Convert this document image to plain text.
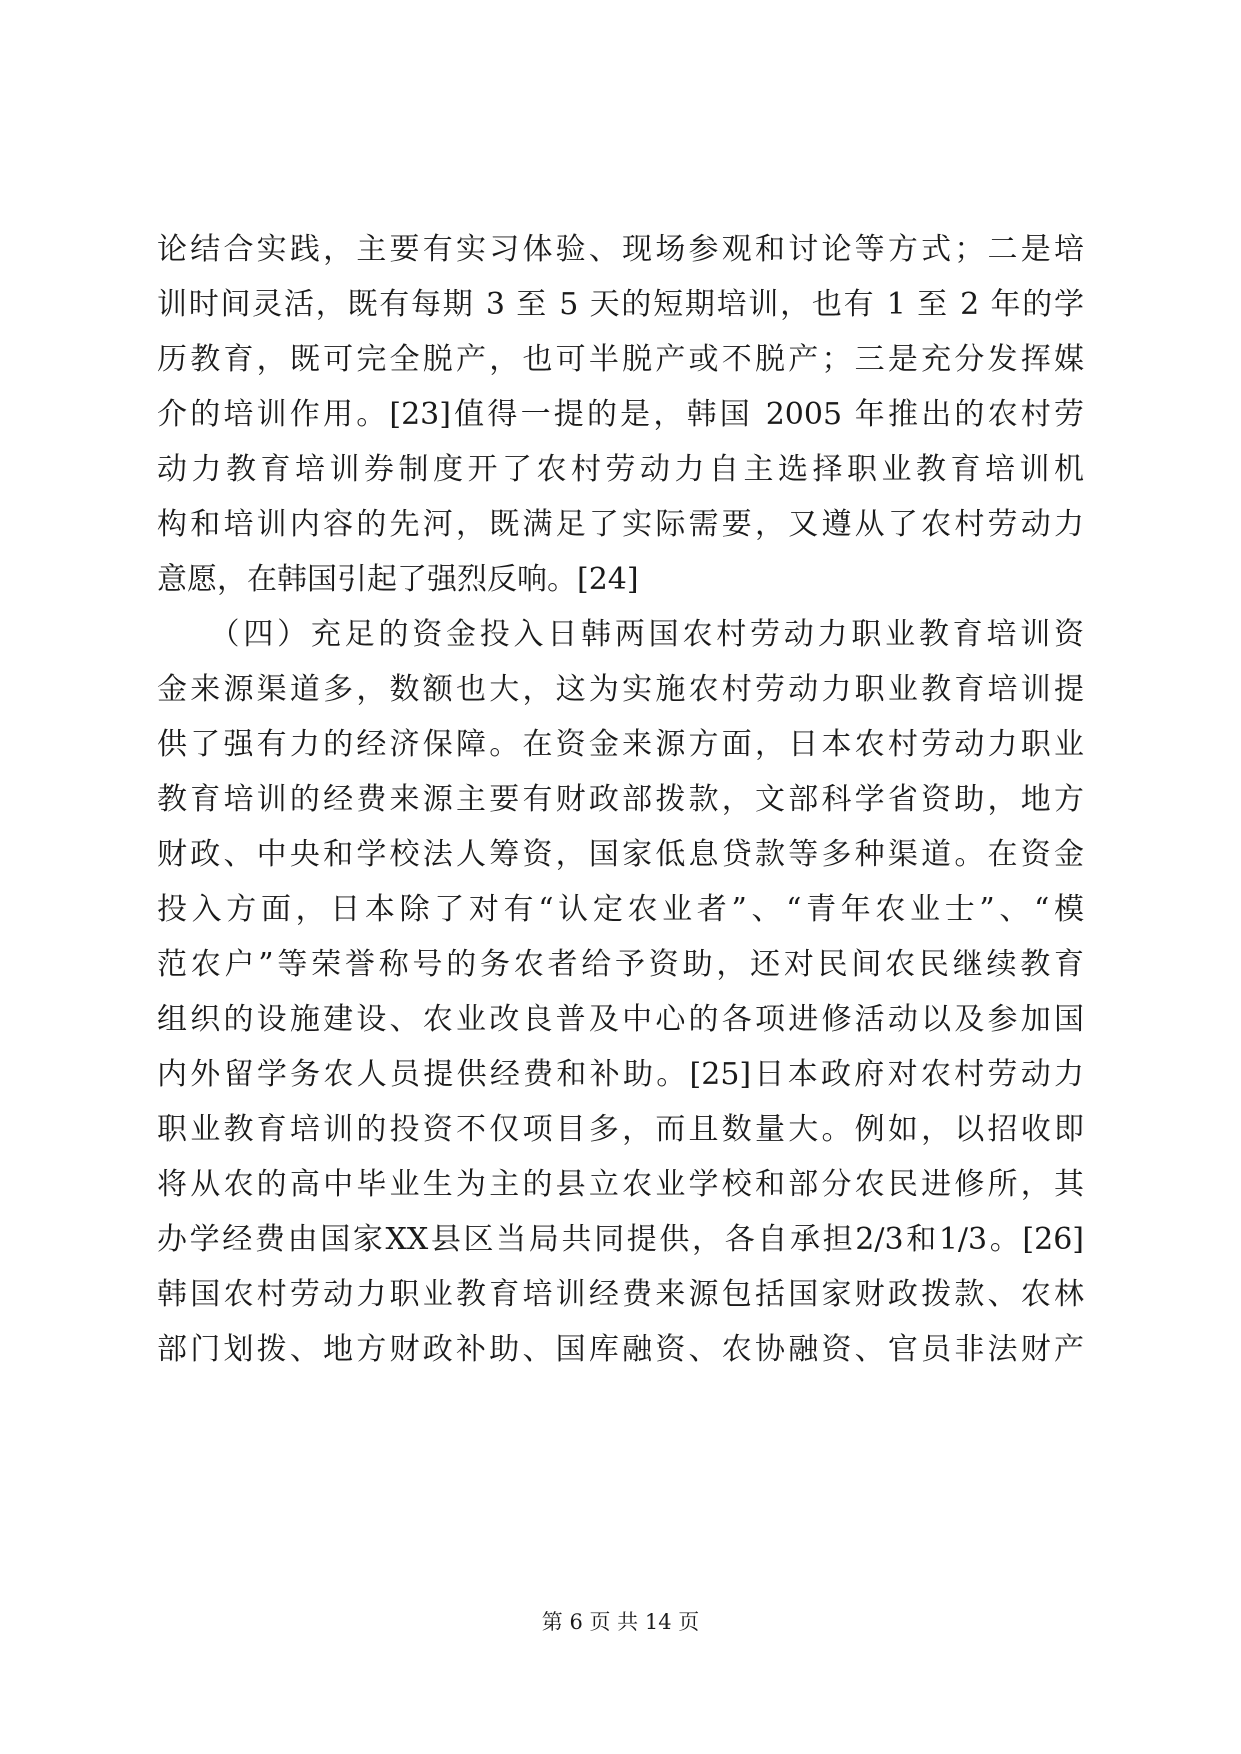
论结合实践，主要有实习体验、现场参观和讨论等方式；二是培
训时间灵活，既有每期 3 至 5 天的短期培训，也有 1 至 2 年的学
历教育，既可完全脱产，也可半脱产或不脱产；三是充分发挥媒
介的培训作用。[23]值得一提的是，韩国 2005 年推出的农村劳
动力教育培训券制度开了农村劳动力自主选择职业教育培训机
构和培训内容的先河，既满足了实际需要，又遵从了农村劳动力
意愿，在韩国引起了强烈反响。[24]
　　（四）充足的资金投入日韩两国农村劳动力职业教育培训资
金来源渠道多，数额也大，这为实施农村劳动力职业教育培训提
供了强有力的经济保障。在资金来源方面，日本农村劳动力职业
教育培训的经费来源主要有财政部拨款，文部科学省资助，地方
财政、中央和学校法人筹资，国家低息贷款等多种渠道。在资金
投入方面，日本除了对有“认定农业者”、“青年农业士”、“模
范农户”等荣誉称号的务农者给予资助，还对民间农民继续教育
组织的设施建设、农业改良普及中心的各项进修活动以及参加国
内外留学务农人员提供经费和补助。[25]日本政府对农村劳动力
职业教育培训的投资不仅项目多，而且数量大。例如，以招收即
将从农的高中毕业生为主的县立农业学校和部分农民进修所，其
办学经费由国家XX县区当局共同提供，各自承担2/3和1/3。[26]
韩国农村劳动力职业教育培训经费来源包括国家财政拨款、农林
部门划拨、地方财政补助、国库融资、农协融资、官员非法财产
第 6 页 共 14 页
